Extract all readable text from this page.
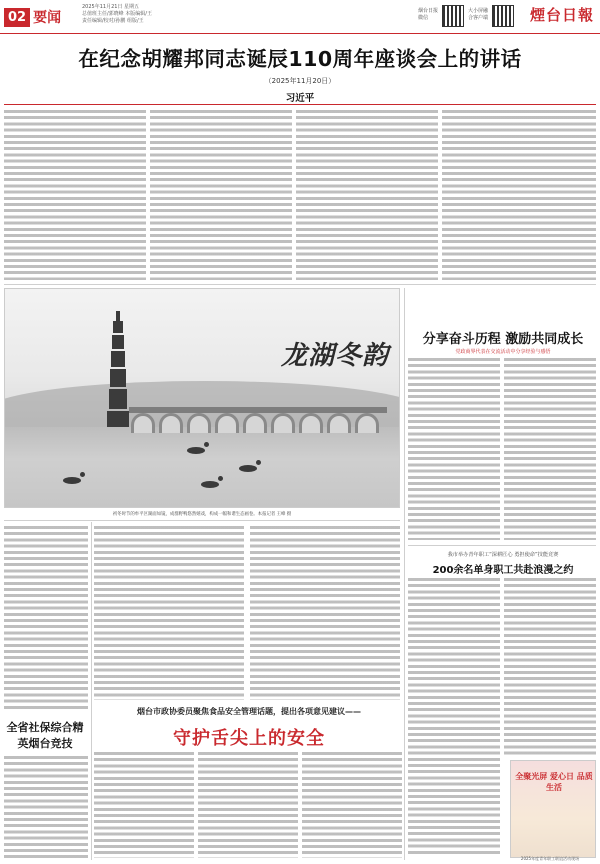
02 要闻
2025年11月21日 星期五
总值班主任/郭晓峰 本版编辑/王
责任编辑/校对/孙鹏 组版/王
烟台日报微信
大小屏融合客户端	煙台日報
在纪念胡耀邦同志诞辰110周年座谈会上的讲话
（2025年11月20日）
习近平
龙湖冬韵
初冬时节的牟平区湖面如镜，成群野鸭悠然嬉戏，构成一幅和谐生态画卷。本报记者 王峰 摄
分享奋斗历程 激励共同成长
党政商界代表在交流活动中分享经验与感悟
我市举办青年职工“深耕匠心 勇担使命”技能竞赛
200余名单身职工共赴浪漫之约
全聚光屏 爱心日 品质生活
2025年度青年职工联谊活动现场
全省社保综合精英烟台竞技
烟台市政协委员聚焦食品安全管理话题，提出各项意见建议——
守护舌尖上的安全
